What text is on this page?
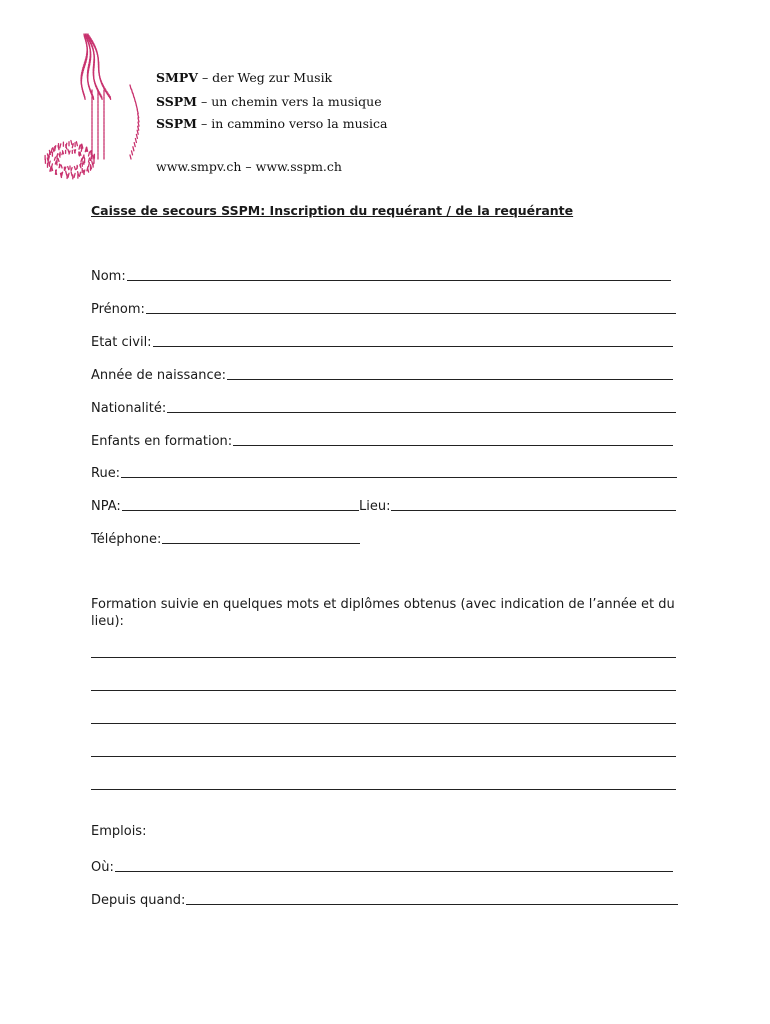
SMPV – der Weg zur Musik
SSPM – un chemin vers la musique
SSPM – in cammino verso la musica
www.smpv.ch – www.sspm.ch
Caisse de secours SSPM: Inscription du requérant / de la requérante
Nom:
Prénom:
Etat civil:
Année de naissance:
Nationalité:
Enfants en formation:
Rue:
NPA:	Lieu:
Téléphone:
Formation suivie en quelques mots et diplômes obtenus (avec indication de l’année et du lieu):
Emplois:
Où:
Depuis quand:
